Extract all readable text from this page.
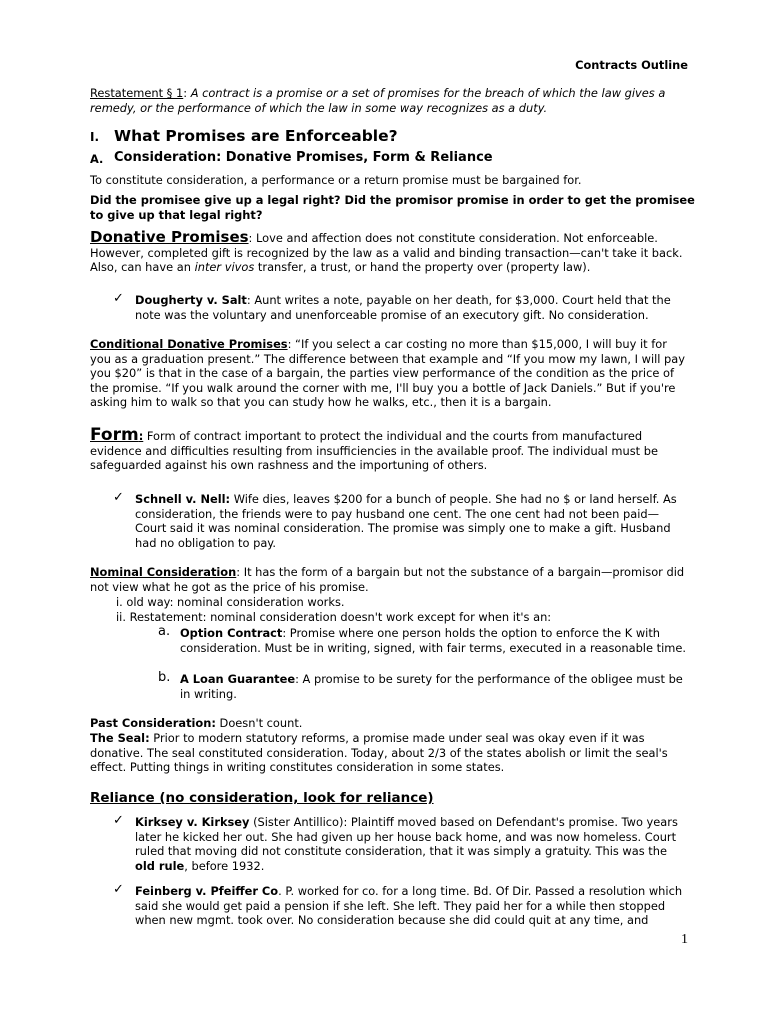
Contracts Outline

Restatement § 1: A contract is a promise or a set of promises for the breach of which the law gives a remedy, or the performance of which the law in some way recognizes as a duty.

I. What Promises are Enforceable?
A. Consideration: Donative Promises, Form & Reliance

To constitute consideration, a performance or a return promise must be bargained for.

Did the promisee give up a legal right? Did the promisor promise in order to get the promisee to give up that legal right?

Donative Promises: Love and affection does not constitute consideration. Not enforceable. However, completed gift is recognized by the law as a valid and binding transaction—can't take it back. Also, can have an inter vivos transfer, a trust, or hand the property over (property law).

✓ Dougherty v. Salt: Aunt writes a note, payable on her death, for $3,000. Court held that the note was the voluntary and unenforceable promise of an executory gift. No consideration.

Conditional Donative Promises: “If you select a car costing no more than $15,000, I will buy it for you as a graduation present.” The difference between that example and “If you mow my lawn, I will pay you $20” is that in the case of a bargain, the parties view performance of the condition as the price of the promise. “If you walk around the corner with me, I'll buy you a bottle of Jack Daniels.” But if you're asking him to walk so that you can study how he walks, etc., then it is a bargain.

Form: Form of contract important to protect the individual and the courts from manufactured evidence and difficulties resulting from insufficiencies in the available proof. The individual must be safeguarded against his own rashness and the importuning of others.

✓ Schnell v. Nell: Wife dies, leaves $200 for a bunch of people. She had no $ or land herself. As consideration, the friends were to pay husband one cent. The one cent had not been paid—Court said it was nominal consideration. The promise was simply one to make a gift. Husband had no obligation to pay.

Nominal Consideration: It has the form of a bargain but not the substance of a bargain—promisor did not view what he got as the price of his promise.

i. old way: nominal consideration works.

ii. Restatement: nominal consideration doesn't work except for when it's an:

a. Option Contract: Promise where one person holds the option to enforce the K with consideration. Must be in writing, signed, with fair terms, executed in a reasonable time.

b. A Loan Guarantee: A promise to be surety for the performance of the obligee must be in writing.

Past Consideration: Doesn't count.

The Seal: Prior to modern statutory reforms, a promise made under seal was okay even if it was donative. The seal constituted consideration. Today, about 2/3 of the states abolish or limit the seal's effect. Putting things in writing constitutes consideration in some states.

Reliance (no consideration, look for reliance)
✓ Kirksey v. Kirksey (Sister Antillico): Plaintiff moved based on Defendant's promise. Two years later he kicked her out. She had given up her house back home, and was now homeless. Court ruled that moving did not constitute consideration, that it was simply a gratuity. This was the old rule, before 1932.

✓ Feinberg v. Pfeiffer Co. P. worked for co. for a long time. Bd. Of Dir. Passed a resolution which said she would get paid a pension if she left. She left. They paid her for a while then stopped when new mgmt. took over. No consideration because she did could quit at any time, and

1
